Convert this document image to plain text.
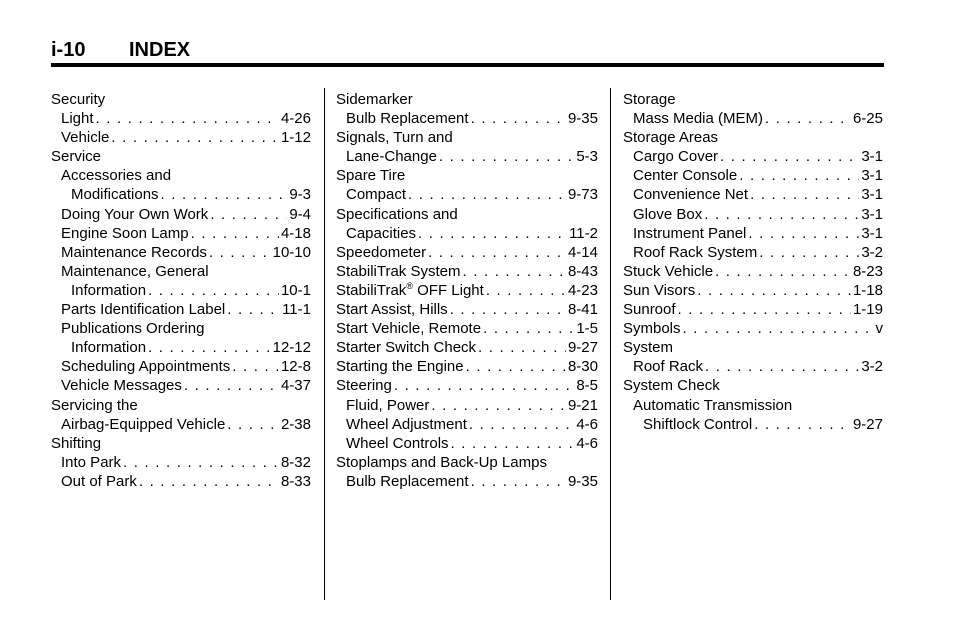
i-10 INDEX
Security
Light . . .	4-26
Vehicle . . .	1-12
Service
Accessories and
Modifications . . .	9-3
Doing Your Own Work . . .	9-4
Engine Soon Lamp . . .	4-18
Maintenance Records . . .	10-10
Maintenance, General
Information . . .	10-1
Parts Identification Label . . .	11-1
Publications Ordering
Information . . .	12-12
Scheduling Appointments . . .	12-8
Vehicle Messages . . .	4-37
Servicing the
Airbag-Equipped Vehicle . . .	2-38
Shifting
Into Park . . .	8-32
Out of Park . . .	8-33
Sidemarker
Bulb Replacement . . .	9-35
Signals, Turn and
Lane-Change . . .	5-3
Spare Tire
Compact . . .	9-73
Specifications and
Capacities . . .	11-2
Speedometer . . .	4-14
StabiliTrak System . . .	8-43
StabiliTrak® OFF Light . . .	4-23
Start Assist, Hills . . .	8-41
Start Vehicle, Remote . . .	1-5
Starter Switch Check . . .	9-27
Starting the Engine . . .	8-30
Steering . . .	8-5
Fluid, Power . . .	9-21
Wheel Adjustment . . .	4-6
Wheel Controls . . .	4-6
Stoplamps and Back-Up Lamps
Bulb Replacement . . .	9-35
Storage
Mass Media (MEM) . . .	6-25
Storage Areas
Cargo Cover . . .	3-1
Center Console . . .	3-1
Convenience Net . . .	3-1
Glove Box . . .	3-1
Instrument Panel . . .	3-1
Roof Rack System . . .	3-2
Stuck Vehicle . . .	8-23
Sun Visors . . .	1-18
Sunroof . . .	1-19
Symbols . . .	v
System
Roof Rack . . .	3-2
System Check
Automatic Transmission
Shiftlock Control . . .	9-27
